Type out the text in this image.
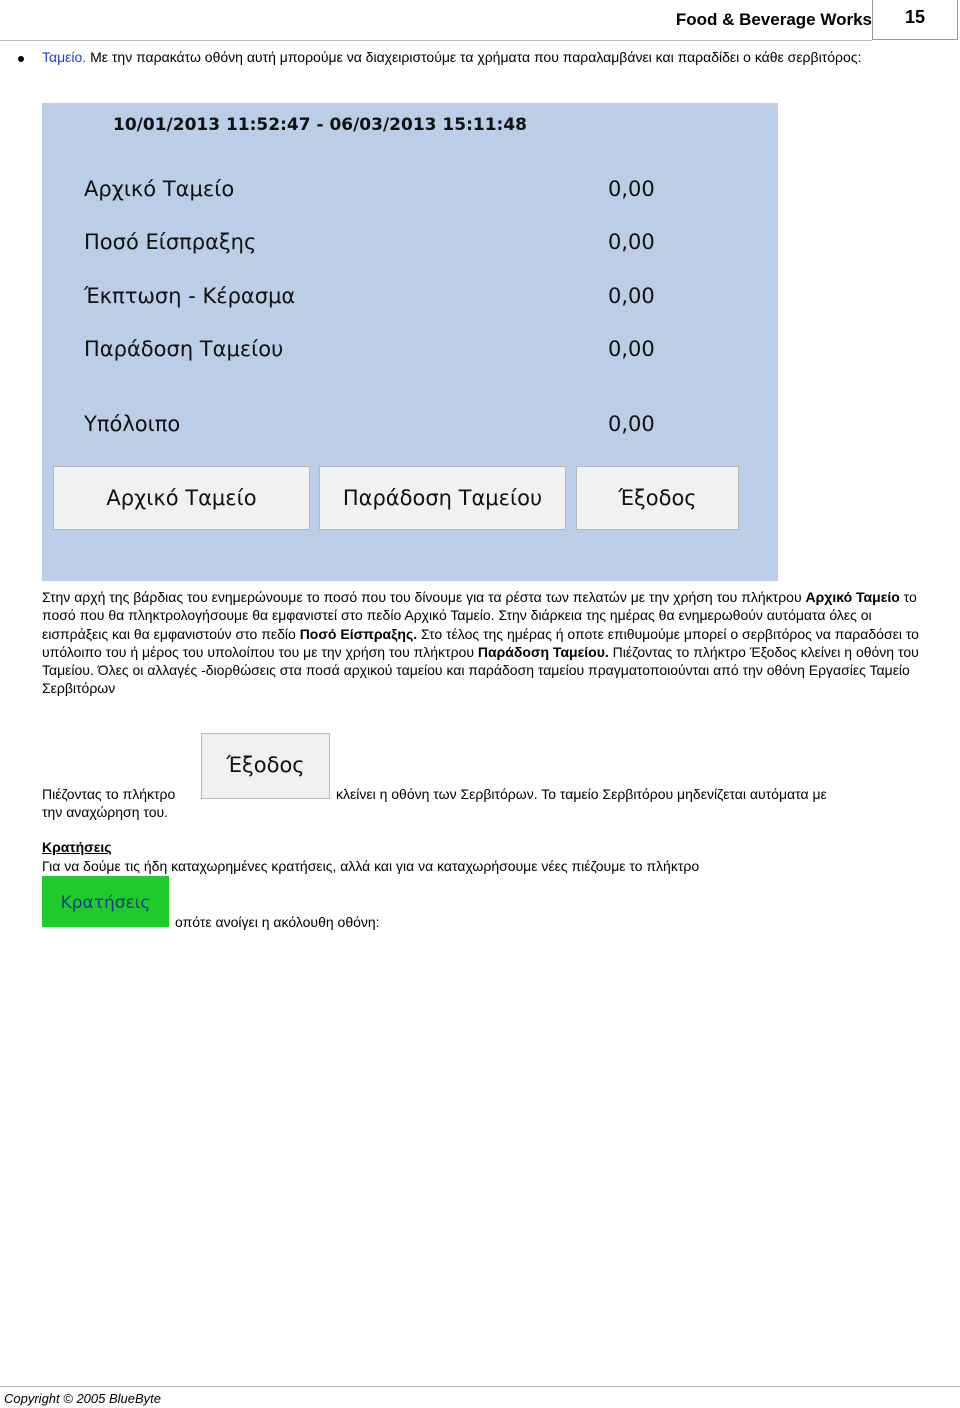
Food & Beverage Works	15
Ταμείο. Με την παρακάτω οθόνη αυτή μπορούμε να διαχειριστούμε τα χρήματα που παραλαμβάνει και παραδίδει ο κάθε σερβιτόρος:
10/01/2013 11:52:47 - 06/03/2013 15:11:48
Αρχικό Ταμείο	0,00
Ποσό Είσπραξης	0,00
Έκπτωση - Κέρασμα	0,00
Παράδοση Ταμείου	0,00
Υπόλοιπο	0,00
Αρχικό Ταμείο	Παράδοση Ταμείου	Έξοδος
Στην αρχή της βάρδιας του ενημερώνουμε το ποσό που του δίνουμε για τα ρέστα των πελατών με την χρήση του πλήκτρου Αρχικό Ταμείο το ποσό που θα πληκτρολογήσουμε θα εμφανιστεί στο πεδίο Αρχικό Ταμείο. Στην διάρκεια της ημέρας θα ενημερωθούν αυτόματα όλες οι εισπράξεις και θα εμφανιστούν στο πεδίο Ποσό Είσπραξης. Στο τέλος της ημέρας ή οποτε επιθυμούμε μπορεί ο σερβιτόρος να παραδόσει το υπόλοιπο του ή μέρος του υπολοίπου του με την χρήση του πλήκτρου Παράδοση Ταμείου. Πιέζοντας το πλήκτρο Έξοδος κλείνει η οθόνη του Ταμείου. Όλες οι αλλαγές -διορθώσεις στα ποσά αρχικού ταμείου και παράδοση ταμείου πραγματοποιούνται από την οθόνη Εργασίες Ταμείο Σερβιτόρων
Έξοδος
Πιέζοντας το πλήκτρο	κλείνει η οθόνη των Σερβιτόρων. Το ταμείο Σερβιτόρου μηδενίζεται αυτόματα με
την αναχώρηση του.
Κρατήσεις
Για να δούμε τις ήδη καταχωρημένες κρατήσεις, αλλά και για να καταχωρήσουμε νέες πιέζουμε το πλήκτρο
Κρατήσεις
οπότε ανοίγει η ακόλουθη οθόνη:
Copyright © 2005 BlueByte
